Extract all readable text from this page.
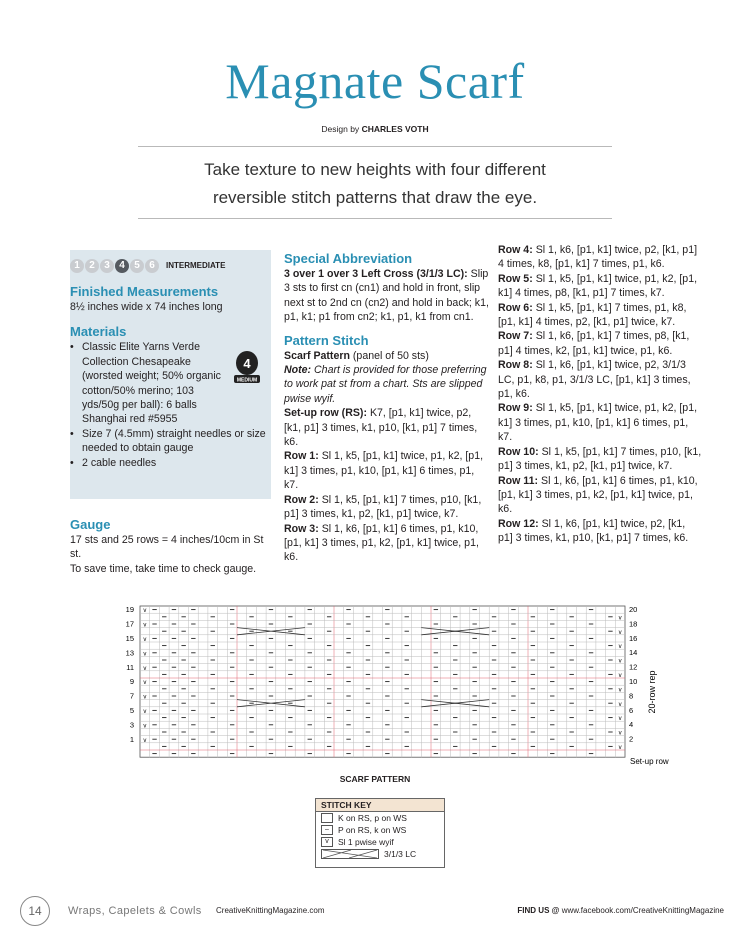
Magnate Scarf
Design by CHARLES VOTH
Take texture to new heights with four different
reversible stitch patterns that draw the eye.
1 2 3 4 5 6	INTERMEDIATE
Finished Measurements
8½ inches wide x 74 inches long
Materials
• Classic Elite Yarns Verde Collection Chesapeake (worsted weight; 50% organic cotton/50% merino; 103 yds/50g per ball): 6 balls Shanghai red #5955
• Size 7 (4.5mm) straight needles or size needed to obtain gauge
• 2 cable needles
4
MEDIUM
Gauge
17 sts and 25 rows = 4 inches/10cm in St st.
To save time, take time to check gauge.
Special Abbreviation
3 over 1 over 3 Left Cross (3/1/3 LC): Slip 3 sts to first cn (cn1) and hold in front, slip next st to 2nd cn (cn2) and hold in back; k1, p1, k1; p1 from cn2; k1, p1, k1 from cn1.
Pattern Stitch
Scarf Pattern (panel of 50 sts)
Note: Chart is provided for those preferring to work pat st from a chart. Sts are slipped pwise wyif.
Set-up row (RS): K7, [p1, k1] twice, p2, [k1, p1] 3 times, k1, p10, [k1, p1] 7 times, k6.
Row 1: Sl 1, k5, [p1, k1] twice, p1, k2, [p1, k1] 3 times, p1, k10, [p1, k1] 6 times, p1, k7.
Row 2: Sl 1, k5, [p1, k1] 7 times, p10, [k1, p1] 3 times, k1, p2, [k1, p1] twice, k7.
Row 3: Sl 1, k6, [p1, k1] 6 times, p1, k10, [p1, k1] 3 times, p1, k2, [p1, k1] twice, p1, k6.
Row 4: Sl 1, k6, [p1, k1] twice, p2, [k1, p1] 4 times, k8, [p1, k1] 7 times, p1, k6.
Row 5: Sl 1, k5, [p1, k1] twice, p1, k2, [p1, k1] 4 times, p8, [k1, p1] 7 times, k7.
Row 6: Sl 1, k5, [p1, k1] 7 times, p1, k8, [p1, k1] 4 times, p2, [k1, p1] twice, k7.
Row 7: Sl 1, k6, [p1, k1] 7 times, p8, [k1, p1] 4 times, k2, [p1, k1] twice, p1, k6.
Row 8: Sl 1, k6, [p1, k1] twice, p2, 3/1/3 LC, p1, k8, p1, 3/1/3 LC, [p1, k1] 3 times, p1, k6.
Row 9: Sl 1, k5, [p1, k1] twice, p1, k2, [p1, k1] 3 times, p1, k10, [p1, k1] 6 times, p1, k7.
Row 10: Sl 1, k5, [p1, k1] 7 times, p10, [k1, p1] 3 times, k1, p2, [k1, p1] twice, k7.
Row 11: Sl 1, k6, [p1, k1] 6 times, p1, k10, [p1, k1] 3 times, p1, k2, [p1, k1] twice, p1, k6.
Row 12: Sl 1, k6, [p1, k1] twice, p2, [k1, p1] 3 times, k1, p10, [k1, p1] 7 times, k6.
v
v
v
v
v
v
v
v
v
v
v
v
v
v
v
v
v
v
v
v
19
17
15
13
11
9
7
5
3
1
20
18
16
14
12
10
8
6
4
2
20-row rep
Set-up row
SCARF PATTERN
STITCH KEY
K on RS, p on WS
–	P on RS, k on WS
v	Sl 1 pwise wyif
3/1/3 LC
14	Wraps, Capelets & Cowls CreativeKnittingMagazine.com	FIND US @ www.facebook.com/CreativeKnittingMagazine
